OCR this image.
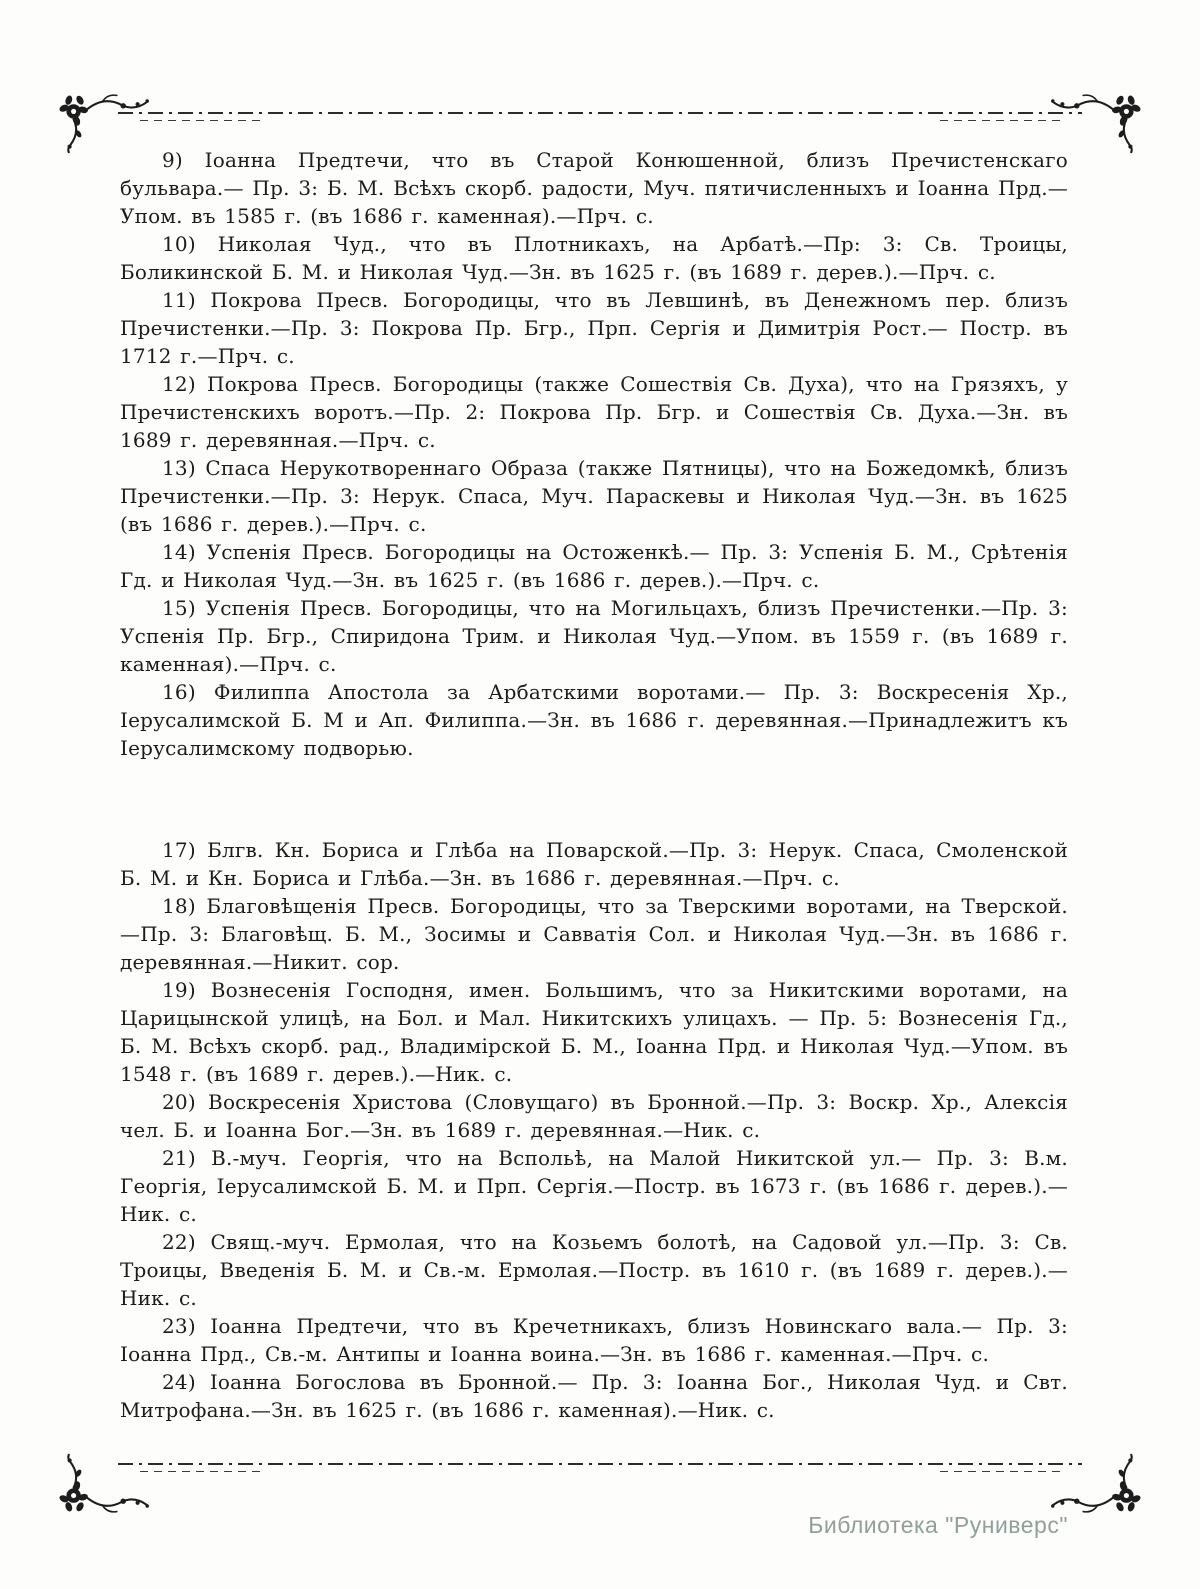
9) Іоанна Предтечи, что въ Старой Конюшенной, близъ Пречистенскаго бульвара.— Пр. 3: Б. М. Всѣхъ скорб. радости, Муч. пятичисленныхъ и Іоанна Прд.—Упом. въ 1585 г. (въ 1686 г. каменная).—Прч. с.

10) Николая Чуд., что въ Плотникахъ, на Арбатѣ.—Пр: 3: Св. Троицы, Боликинской Б. М. и Николая Чуд.—Зн. въ 1625 г. (въ 1689 г. дерев.).—Прч. с.

11) Покрова Пресв. Богородицы, что въ Левшинѣ, въ Денежномъ пер. близъ Пречистенки.—Пр. 3: Покрова Пр. Бгр., Прп. Сергія и Димитрія Рост.— Постр. въ 1712 г.—Прч. с.

12) Покрова Пресв. Богородицы (также Сошествія Св. Духа), что на Грязяхъ, у Пречистенскихъ воротъ.—Пр. 2: Покрова Пр. Бгр. и Сошествія Св. Духа.—Зн. въ 1689 г. деревянная.—Прч. с.

13) Спаса Нерукотвореннаго Образа (также Пятницы), что на Божедомкѣ, близъ Пречистенки.—Пр. 3: Нерук. Спаса, Муч. Параскевы и Николая Чуд.—Зн. въ 1625 (въ 1686 г. дерев.).—Прч. с.

14) Успенія Пресв. Богородицы на Остоженкѣ.— Пр. 3: Успенія Б. М., Срѣтенія Гд. и Николая Чуд.—Зн. въ 1625 г. (въ 1686 г. дерев.).—Прч. с.

15) Успенія Пресв. Богородицы, что на Могильцахъ, близъ Пречистенки.—Пр. 3: Успенія Пр. Бгр., Спиридона Трим. и Николая Чуд.—Упом. въ 1559 г. (въ 1689 г. каменная).—Прч. с.

16) Филиппа Апостола за Арбатскими воротами.— Пр. 3: Воскресенія Хр., Іерусалимской Б. М и Ап. Филиппа.—Зн. въ 1686 г. деревянная.—Принадлежитъ къ Іерусалимскому подворью.

17) Блгв. Кн. Бориса и Глѣба на Поварской.—Пр. 3: Нерук. Спаса, Смоленской Б. М. и Кн. Бориса и Глѣба.—Зн. въ 1686 г. деревянная.—Прч. с.

18) Благовѣщенія Пресв. Богородицы, что за Тверскими воротами, на Тверской.—Пр. 3: Благовѣщ. Б. М., Зосимы и Савватія Сол. и Николая Чуд.—Зн. въ 1686 г. деревянная.—Никит. сор.

19) Вознесенія Господня, имен. Большимъ, что за Никитскими воротами, на Царицынской улицѣ, на Бол. и Мал. Никитскихъ улицахъ. — Пр. 5: Вознесенія Гд., Б. М. Всѣхъ скорб. рад., Владимірской Б. М., Іоанна Прд. и Николая Чуд.—Упом. въ 1548 г. (въ 1689 г. дерев.).—Ник. с.

20) Воскресенія Христова (Словущаго) въ Бронной.—Пр. 3: Воскр. Хр., Алексія чел. Б. и Іоанна Бог.—Зн. въ 1689 г. деревянная.—Ник. с.

21) В.-муч. Георгія, что на Вспольѣ, на Малой Никитской ул.— Пр. 3: В.м. Георгія, Іерусалимской Б. М. и Прп. Сергія.—Постр. въ 1673 г. (въ 1686 г. дерев.).— Ник. с.

22) Свящ.-муч. Ермолая, что на Козьемъ болотѣ, на Садовой ул.—Пр. 3: Св. Троицы, Введенія Б. М. и Св.-м. Ермолая.—Постр. въ 1610 г. (въ 1689 г. дерев.).—Ник. с.

23) Іоанна Предтечи, что въ Кречетникахъ, близъ Новинскаго вала.— Пр. 3: Іоанна Прд., Св.-м. Антипы и Іоанна воина.—Зн. въ 1686 г. каменная.—Прч. с.

24) Іоанна Богослова въ Бронной.— Пр. 3: Іоанна Бог., Николая Чуд. и Свт. Митрофана.—Зн. въ 1625 г. (въ 1686 г. каменная).—Ник. с.

Библиотека "Руниверс"
